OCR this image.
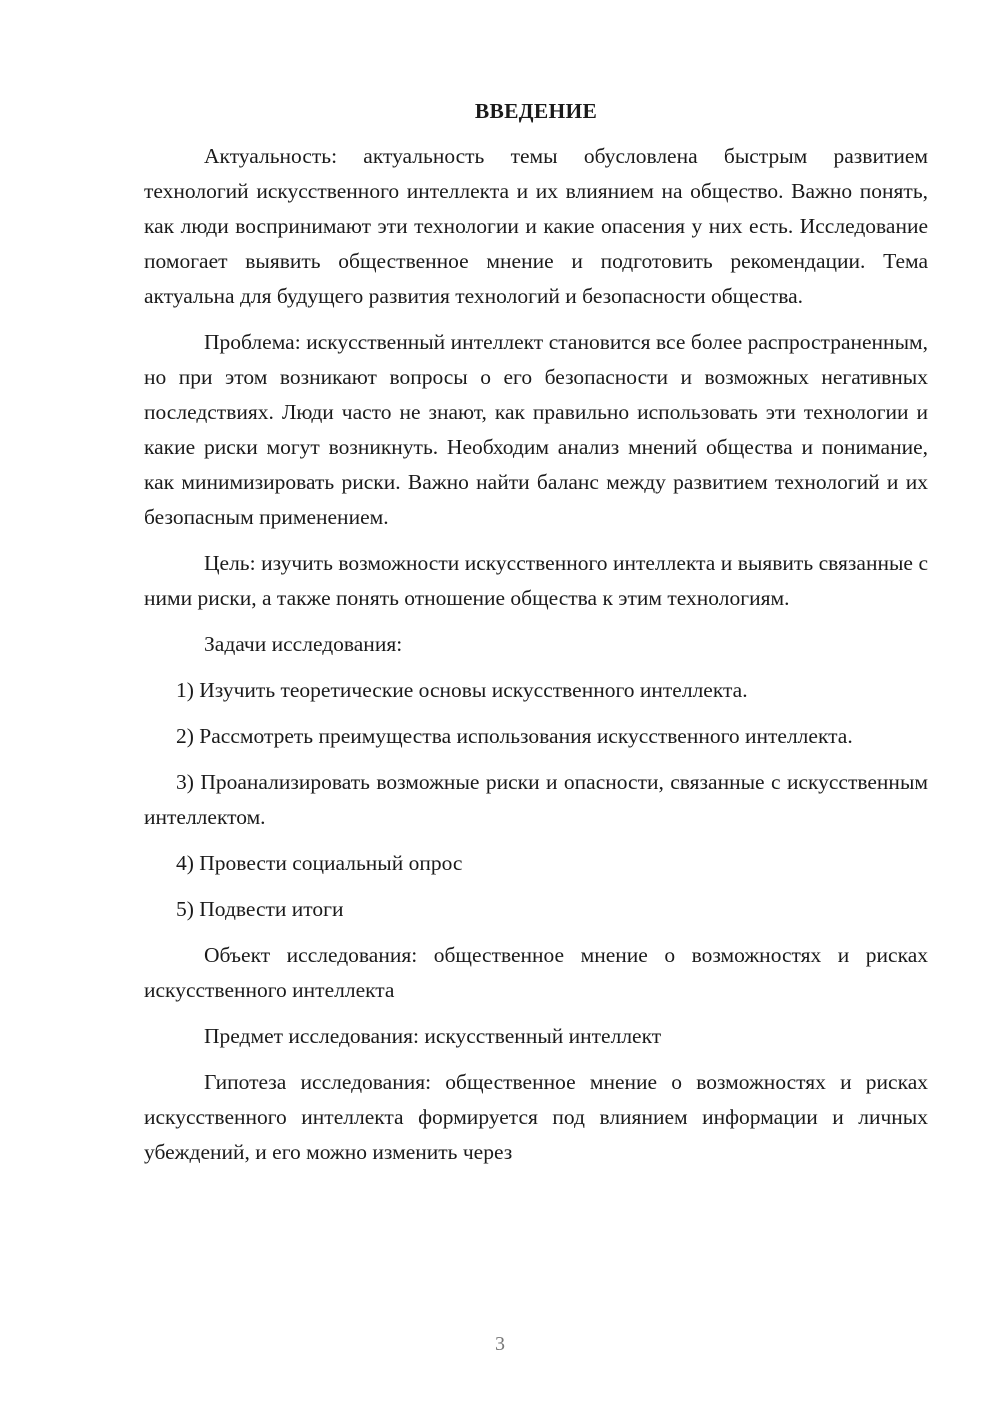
ВВЕДЕНИЕ

Актуальность: актуальность темы обусловлена быстрым развитием технологий искусственного интеллекта и их влиянием на общество. Важно понять, как люди воспринимают эти технологии и какие опасения у них есть. Исследование помогает выявить общественное мнение и подготовить рекомендации. Тема актуальна для будущего развития технологий и безопасности общества.

Проблема: искусственный интеллект становится все более распространенным, но при этом возникают вопросы о его безопасности и возможных негативных последствиях. Люди часто не знают, как правильно использовать эти технологии и какие риски могут возникнуть. Необходим анализ мнений общества и понимание, как минимизировать риски. Важно найти баланс между развитием технологий и их безопасным применением.

Цель: изучить возможности искусственного интеллекта и выявить связанные с ними риски, а также понять отношение общества к этим технологиям.

Задачи исследования:

1) Изучить теоретические основы искусственного интеллекта.

2) Рассмотреть преимущества использования искусственного интеллекта.

3) Проанализировать возможные риски и опасности, связанные с искусственным интеллектом.

4) Провести социальный опрос

5) Подвести итоги

Объект исследования: общественное мнение о возможностях и рисках искусственного интеллекта

Предмет исследования: искусственный интеллект

Гипотеза исследования: общественное мнение о возможностях и рисках искусственного интеллекта формируется под влиянием информации и личных убеждений, и его можно изменить через

3
